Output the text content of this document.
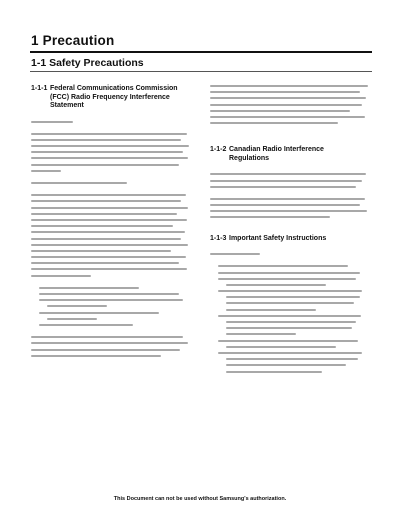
1 Precaution
1-1 Safety Precautions
1-1-1 Federal Communications Commission (FCC) Radio Frequency Interference Statement
1-1-2 Canadian Radio Interference Regulations
1-1-3 Important Safety Instructions
This Document can not be used without Samsung's authorization.
